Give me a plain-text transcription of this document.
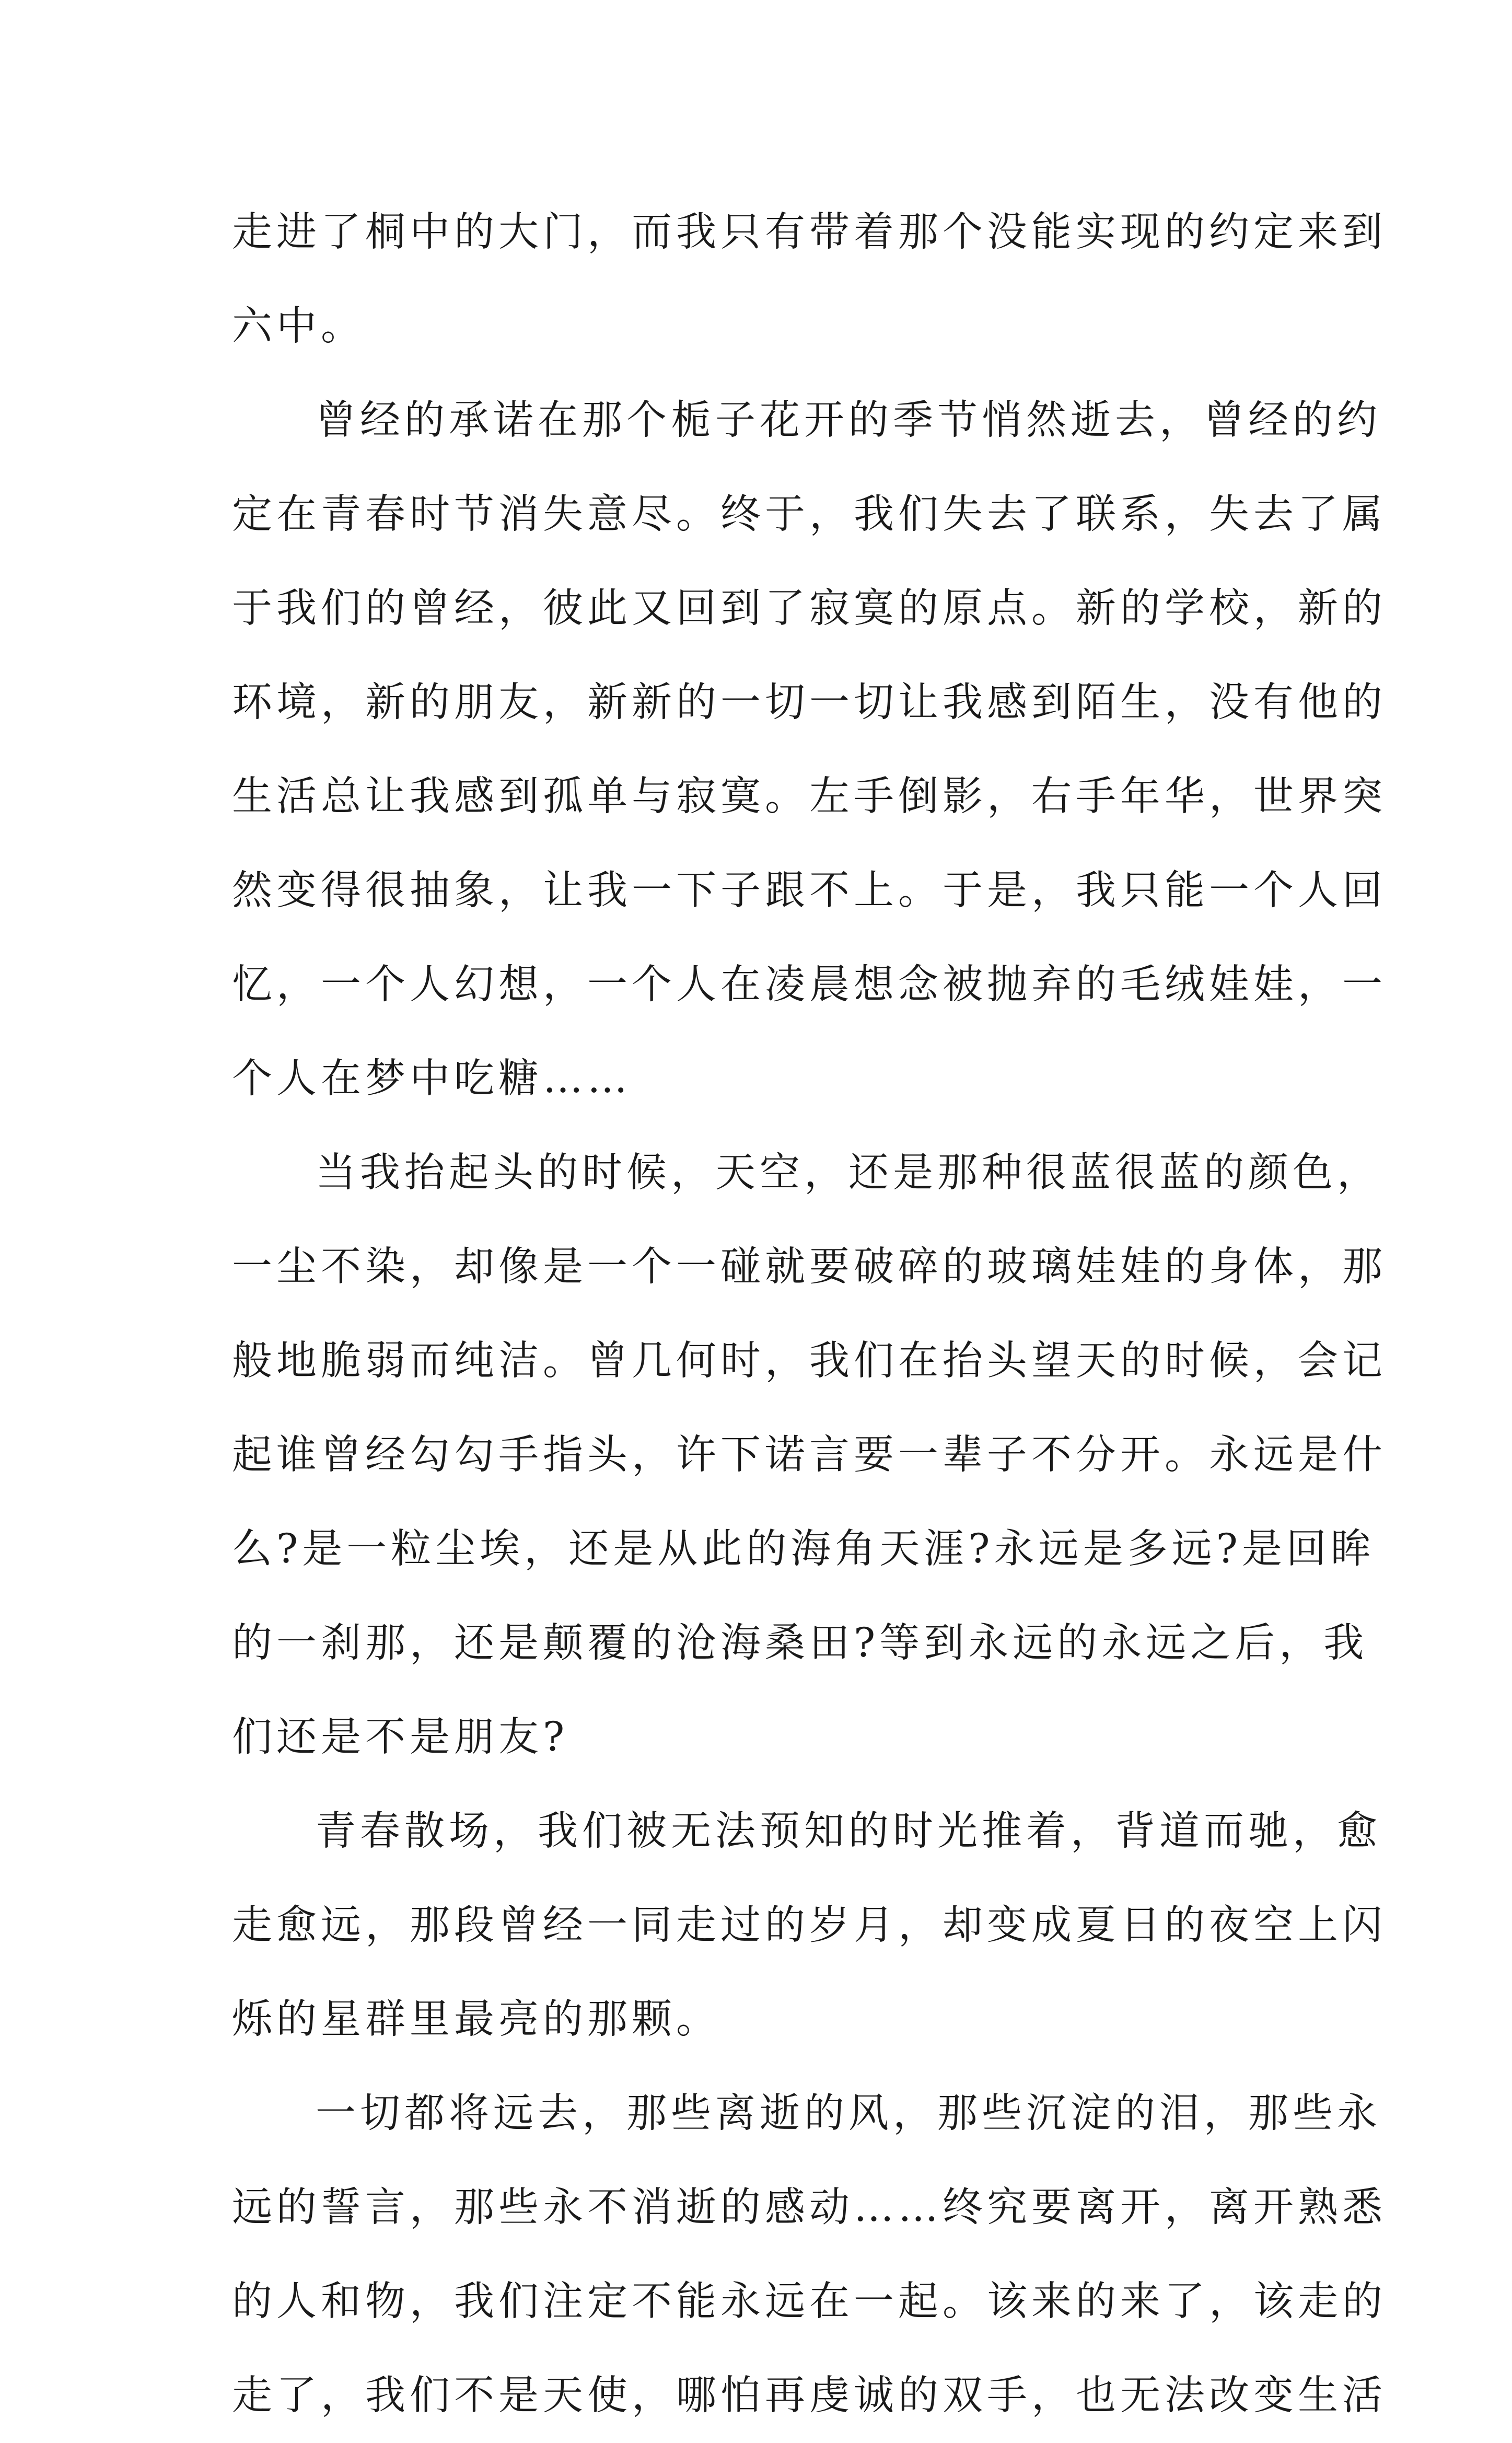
走进了桐中的大门，而我只有带着那个没能实现的约定来到
六中。
曾经的承诺在那个栀子花开的季节悄然逝去，曾经的约
定在青春时节消失意尽。终于，我们失去了联系，失去了属
于我们的曾经，彼此又回到了寂寞的原点。新的学校，新的
环境，新的朋友，新新的一切一切让我感到陌生，没有他的
生活总让我感到孤单与寂寞。左手倒影，右手年华，世界突
然变得很抽象，让我一下子跟不上。于是，我只能一个人回
忆，一个人幻想，一个人在凌晨想念被抛弃的毛绒娃娃，一
个人在梦中吃糖……
当我抬起头的时候，天空，还是那种很蓝很蓝的颜色，
一尘不染，却像是一个一碰就要破碎的玻璃娃娃的身体，那
般地脆弱而纯洁。曾几何时，我们在抬头望天的时候，会记
起谁曾经勾勾手指头，许下诺言要一辈子不分开。永远是什
么?是一粒尘埃，还是从此的海角天涯?永远是多远?是回眸
的一刹那，还是颠覆的沧海桑田?等到永远的永远之后，我
们还是不是朋友?
青春散场，我们被无法预知的时光推着，背道而驰，愈
走愈远，那段曾经一同走过的岁月，却变成夏日的夜空上闪
烁的星群里最亮的那颗。
一切都将远去，那些离逝的风，那些沉淀的泪，那些永
远的誓言，那些永不消逝的感动……终究要离开，离开熟悉
的人和物，我们注定不能永远在一起。该来的来了，该走的
走了，我们不是天使，哪怕再虔诚的双手，也无法改变生活
